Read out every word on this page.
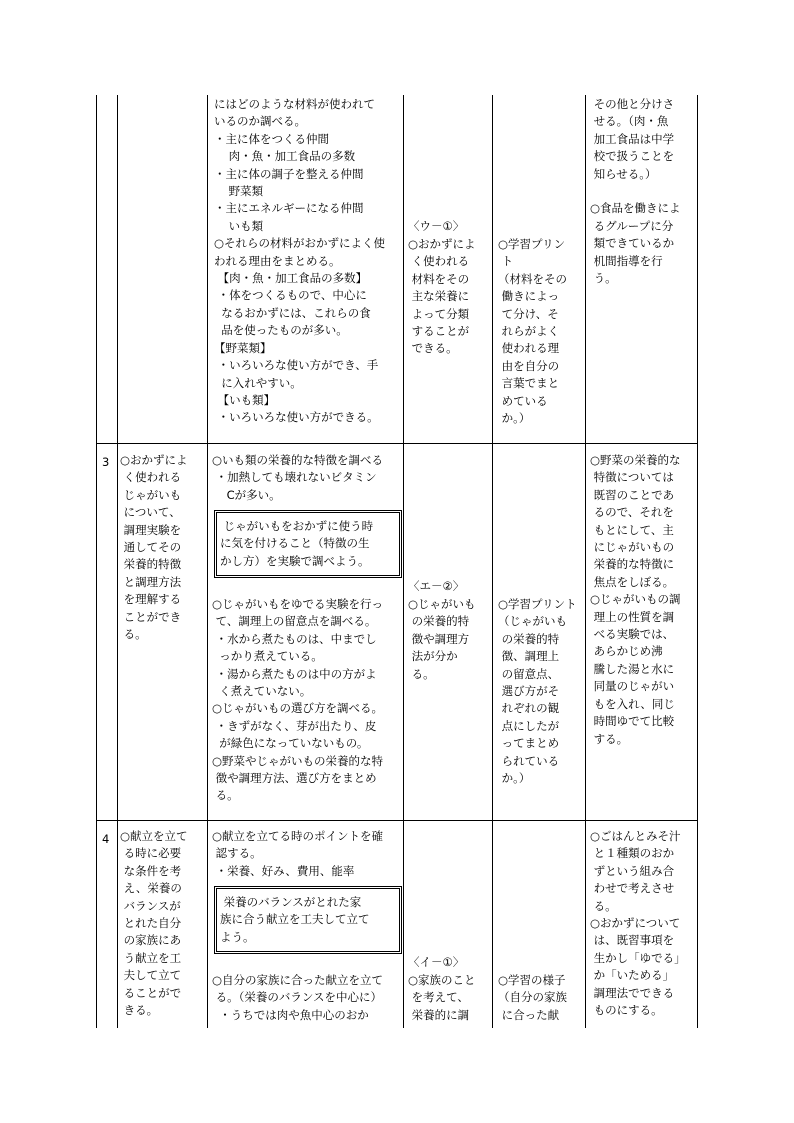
にはどのような材料が使われて
いるのか調べる。
・主に体をつくる仲間
肉・魚・加工食品の多数
・主に体の調子を整える仲間
野菜類
・主にエネルギーになる仲間
いも類
○それらの材料がおかずによく使
われる理由をまとめる。
【肉・魚・加工食品の多数】
・体をつくるもので、中心に
なるおかずには、これらの食
品を使ったものが多い。
【野菜類】
・いろいろな使い方ができ、手
に入れやすい。
【いも類】
・いろいろな使い方ができる。
〈ウ－①〉
○おかずによ
く使われる
材料をその
主な栄養に
よって分類
することが
できる。
○学習プリン
ト
（材料をその
働きによっ
て分け、そ
れらがよく
使われる理
由を自分の
言葉でまと
めている
か。）
その他と分けさ
せる。（肉・魚
加工食品は中学
校で扱うことを
知らせる。）

○食品を働きによ
るグループに分
類できているか
机間指導を行
う。
3 ○おかずによ
く使われる
じゃがいも
について、
調理実験を
通してその
栄養的特徴
と調理方法
を理解する
ことができ
る。
○いも類の栄養的な特徴を調べる
・加熱しても壊れないビタミン
Cが多い。
じゃがいもをおかずに使う時
に気を付けること（特徴の生
かし方）を実験で調べよう。
○じゃがいもをゆでる実験を行っ
て、調理上の留意点を調べる。
・水から煮たものは、中までし
っかり煮えている。
・湯から煮たものは中の方がよ
く煮えていない。
○じゃがいもの選び方を調べる。
・きずがなく、芽が出たり、皮
が緑色になっていないもの。
○野菜やじゃがいもの栄養的な特
徴や調理方法、選び方をまとめ
る。
〈エ－②〉
○じゃがいも
の栄養的特
徴や調理方
法が分か
る。
○学習プリント
（じゃがいも
の栄養的特
徴、調理上
の留意点、
選び方がそ
れぞれの観
点にしたが
ってまとめ
られている
か。）
○野菜の栄養的な
特徴については
既習のことであ
るので、それを
もとにして、主
にじゃがいもの
栄養的な特徴に
焦点をしぼる。
○じゃがいもの調
理上の性質を調
べる実験では、
あらかじめ沸
騰した湯と水に
同量のじゃがい
もを入れ、同じ
時間ゆでて比較
する。
4 ○献立を立て
る時に必要
な条件を考
え、栄養の
バランスが
とれた自分
の家族にあ
う献立を工
夫して立て
ることがで
きる。
○献立を立てる時のポイントを確
認する。
・栄養、好み、費用、能率
栄養のバランスがとれた家
族に合う献立を工夫して立て
よう。
○自分の家族に合った献立を立て
る。（栄養のバランスを中心に）
・うちでは肉や魚中心のおか
〈イ－①〉
○家族のこと
を考えて、
栄養的に調
○学習の様子
（自分の家族
に合った献
○ごはんとみそ汁
と１種類のおか
ずという組み合
わせで考えさせ
る。
○おかずについて
は、既習事項を
生かし「ゆでる」
か「いためる」
調理法でできる
ものにする。
